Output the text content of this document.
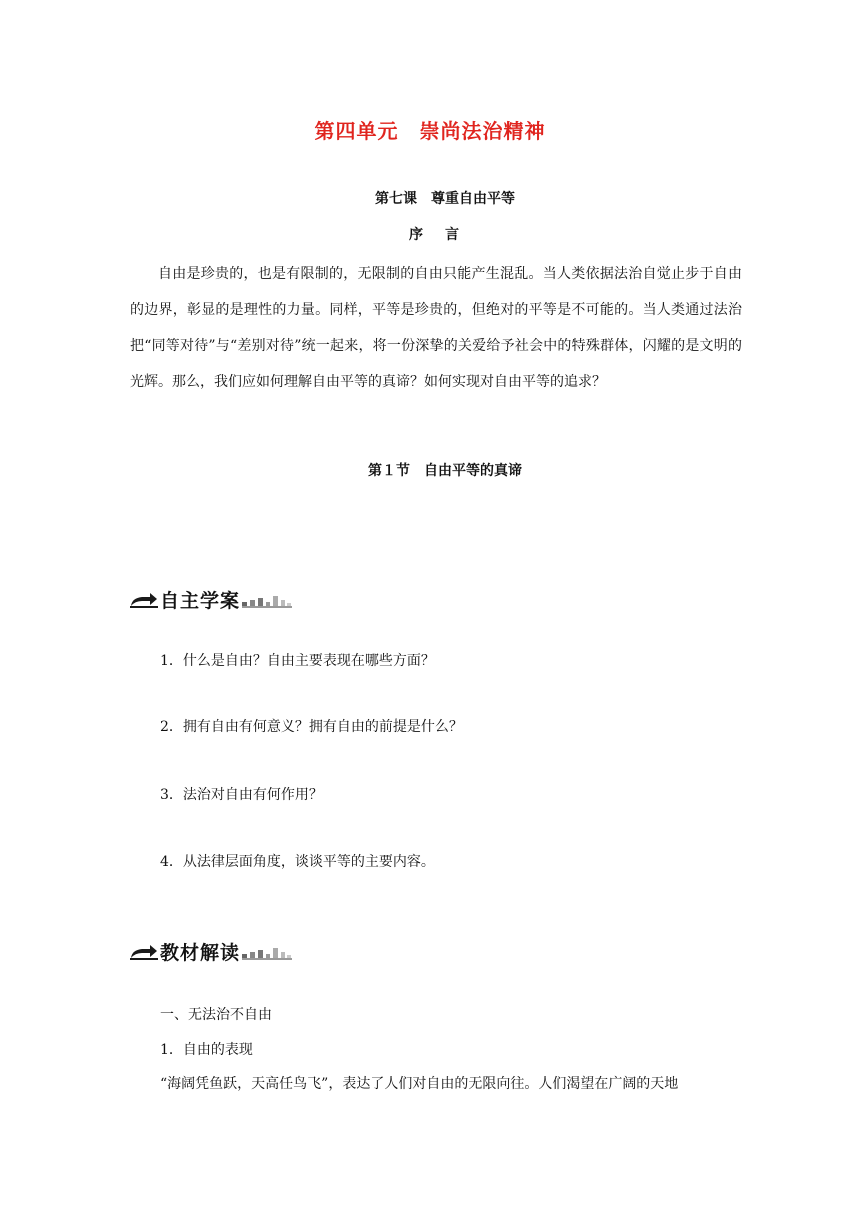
第四单元　崇尚法治精神
第七课　尊重自由平等
序言
自由是珍贵的，也是有限制的，无限制的自由只能产生混乱。当人类依据法治自觉止步于自由的边界，彰显的是理性的力量。同样，平等是珍贵的，但绝对的平等是不可能的。当人类通过法治把“同等对待”与“差别对待”统一起来，将一份深挚的关爱给予社会中的特殊群体，闪耀的是文明的光辉。那么，我们应如何理解自由平等的真谛？如何实现对自由平等的追求？
第１节　自由平等的真谛
自主学案
1．什么是自由？自由主要表现在哪些方面？
2．拥有自由有何意义？拥有自由的前提是什么？
3．法治对自由有何作用？
4．从法律层面角度，谈谈平等的主要内容。
教材解读
一、无法治不自由
1．自由的表现
“海阔凭鱼跃，天高任鸟飞”，表达了人们对自由的无限向往。人们渴望在广阔的天地
